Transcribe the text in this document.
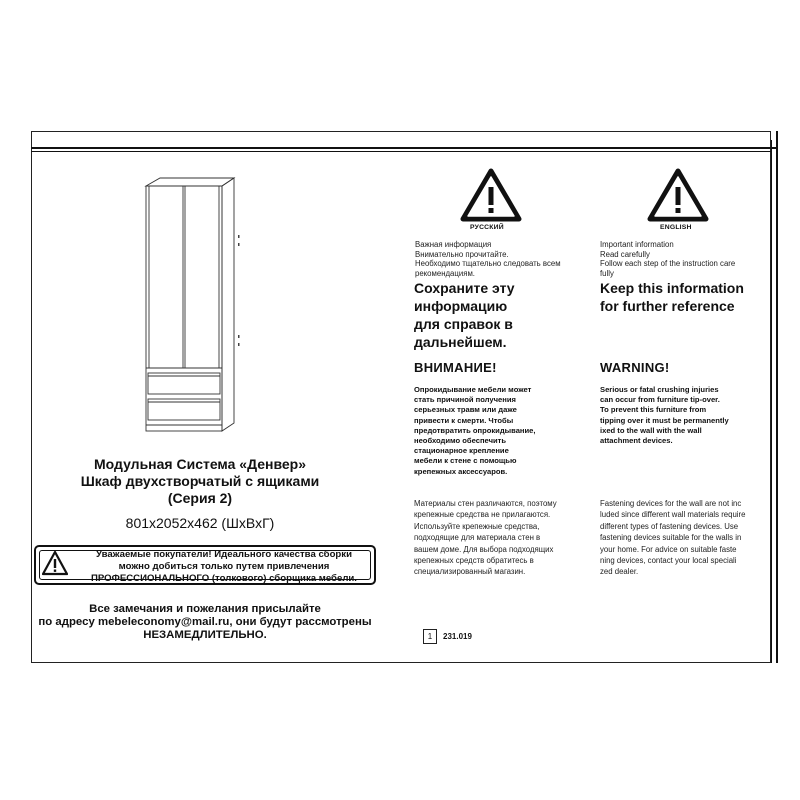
Модульная Система «Денвер»
Шкаф двухстворчатый с ящиками
(Серия 2)
801x2052x462 (ШхВхГ)
Уважаемые покупатели! Идеального качества сборки
можно добиться только путем привлечения
ПРОФЕССИОНАЛЬНОГО (толкового) сборщика мебели.
Все замечания и пожелания присылайте
по адресу mebeleconomy@mail.ru, они будут рассмотрены
НЕЗАМЕДЛИТЕЛЬНО.
РУССКИЙ
Важная информация
Внимательно прочитайте.
Необходимо тщательно следовать всем
рекомендациям.
Сохраните эту
информацию
для справок в
дальнейшем.
ВНИМАНИЕ!
Опрокидывание мебели может
стать причиной получения
серьезных травм или даже
привести к смерти. Чтобы
предотвратить опрокидывание,
необходимо обеспечить
стационарное крепление
мебели к стене с помощью
крепежных аксессуаров.
Материалы стен различаются, поэтому
крепежные средства не прилагаются.
Используйте крепежные средства,
подходящие для материала стен в
вашем доме. Для выбора подходящих
крепежных средств обратитесь в
специализированный магазин.
ENGLISH
Important information
Read carefully
Follow each step of the instruction care
fully
Keep this information
for further reference
WARNING!
Serious or fatal crushing injuries
can occur from furniture tip-over.
To prevent this furniture from
tipping over it must be permanently
ixed to the wall with the wall
attachment devices.
Fastening devices for the wall are not inc
luded since different wall materials require
different types of fastening devices. Use
fastening devices suitable for the walls in
your home. For advice on suitable faste
ning devices, contact your local speciali
zed dealer.
1	231.019
